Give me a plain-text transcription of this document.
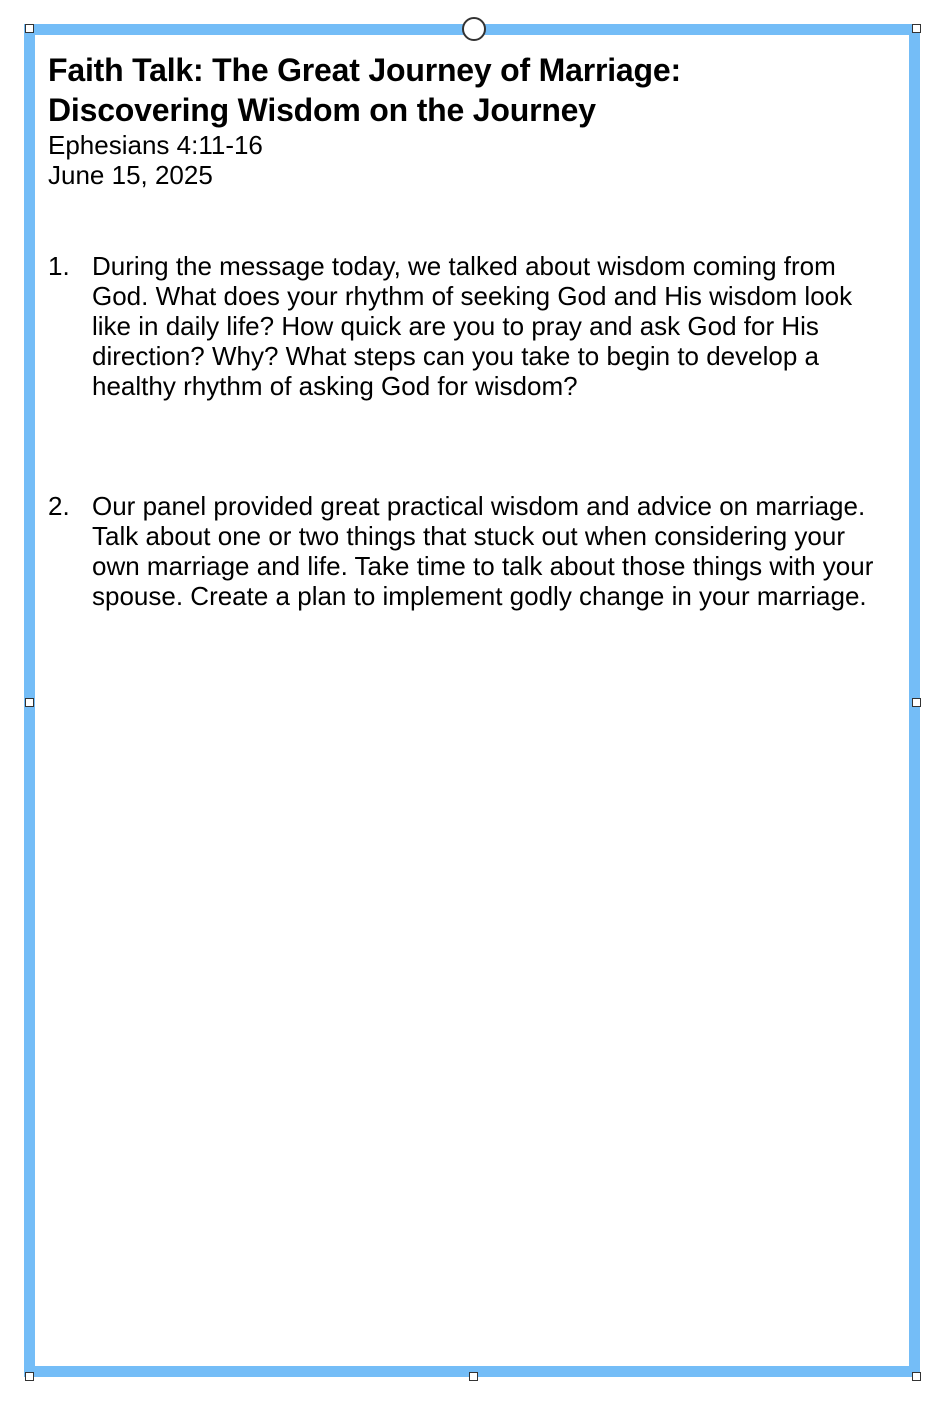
Faith Talk: The Great Journey of Marriage:
Discovering Wisdom on the Journey
Ephesians 4:11-16
June 15, 2025
1. During the message today, we talked about wisdom coming from God. What does your rhythm of seeking God and His wisdom look like in daily life? How quick are you to pray and ask God for His direction? Why? What steps can you take to begin to develop a healthy rhythm of asking God for wisdom?
2. Our panel provided great practical wisdom and advice on marriage. Talk about one or two things that stuck out when considering your own marriage and life. Take time to talk about those things with your spouse. Create a plan to implement godly change in your marriage.
